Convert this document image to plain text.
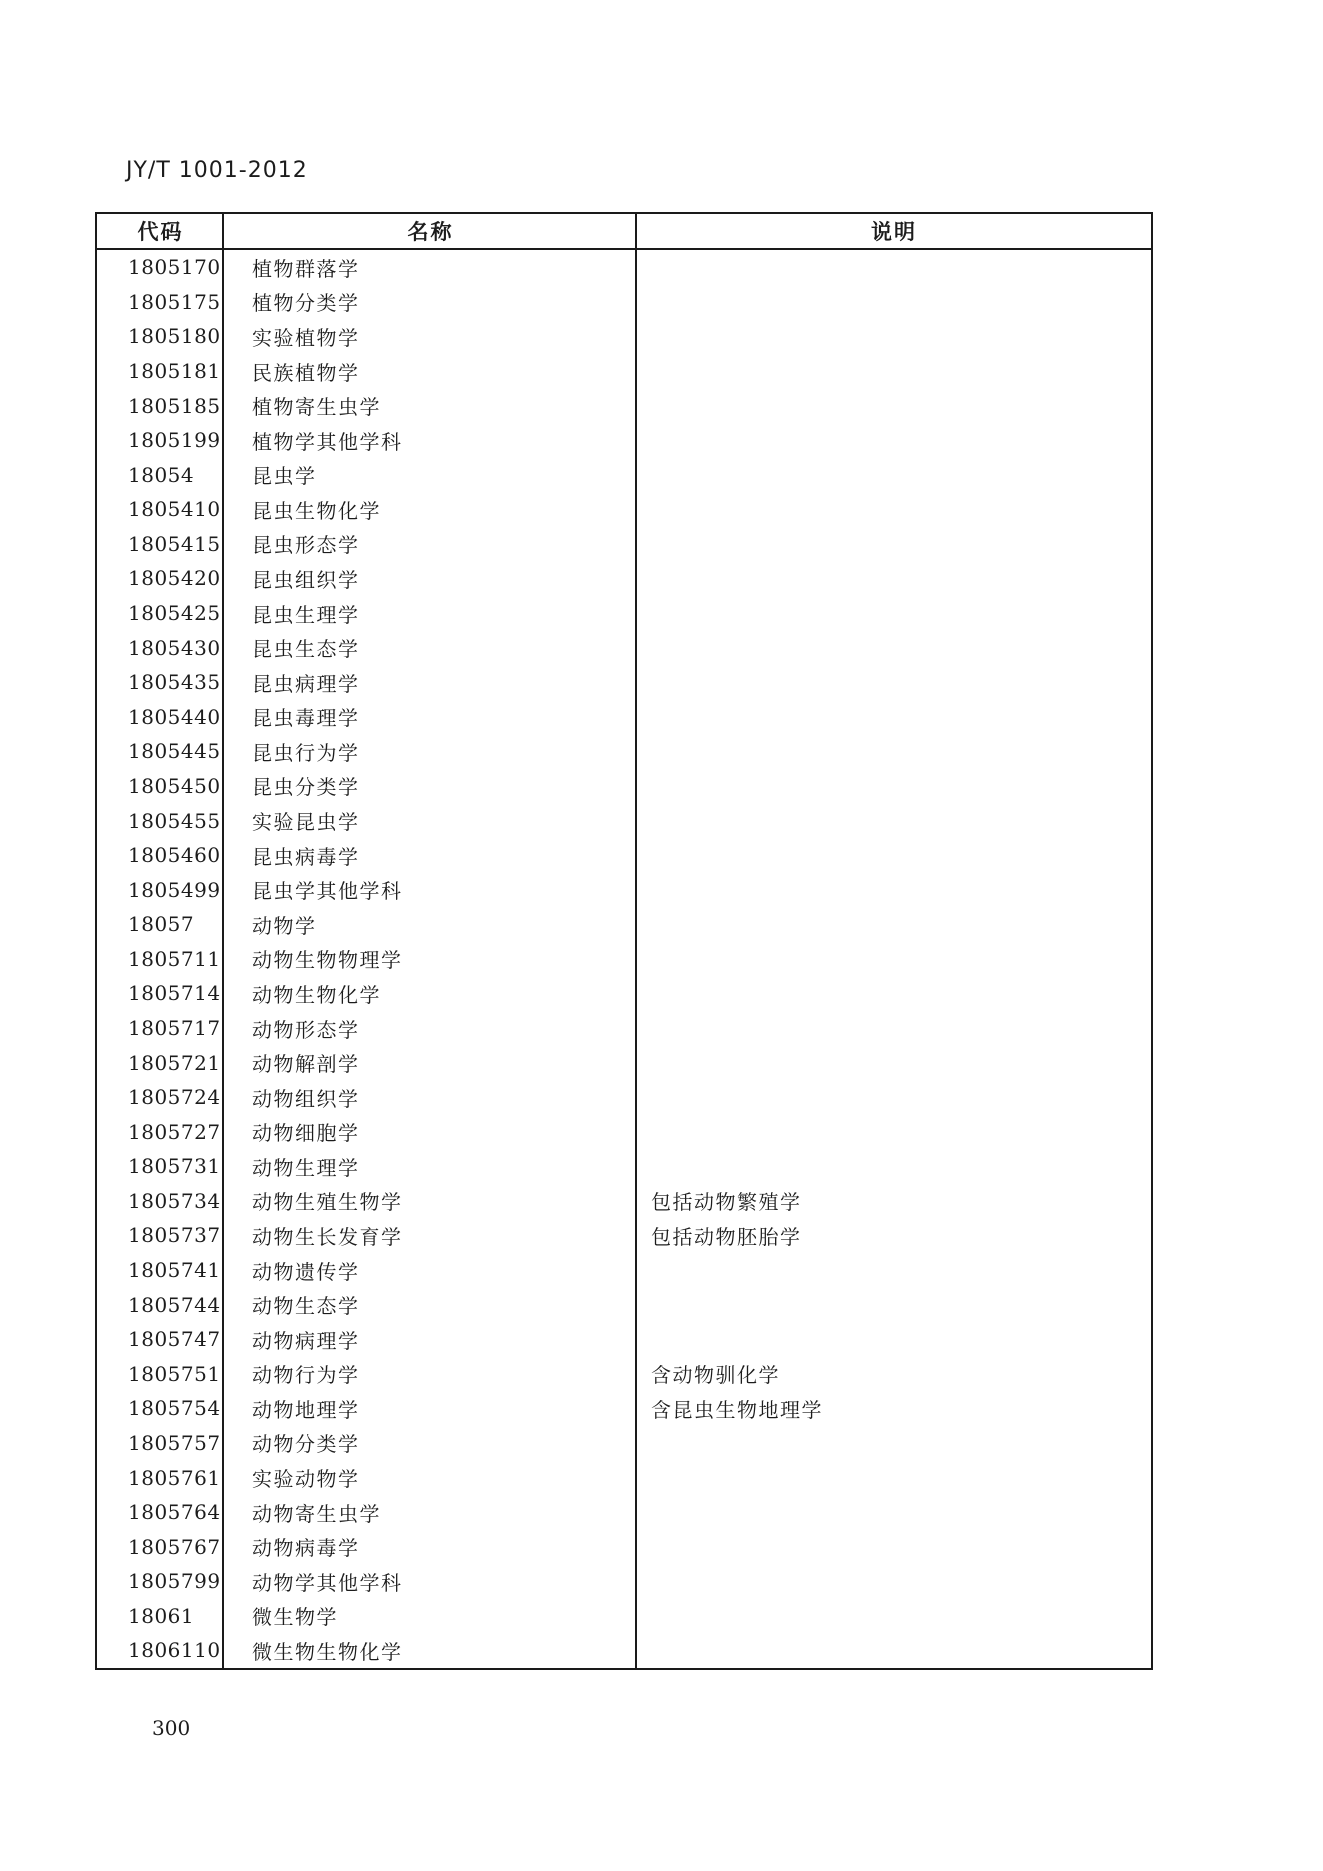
JY/T 1001-2012
代码	名称	说明
1805170	植物群落学
1805175	植物分类学
1805180	实验植物学
1805181	民族植物学
1805185	植物寄生虫学
1805199	植物学其他学科
18054	昆虫学
1805410	昆虫生物化学
1805415	昆虫形态学
1805420	昆虫组织学
1805425	昆虫生理学
1805430	昆虫生态学
1805435	昆虫病理学
1805440	昆虫毒理学
1805445	昆虫行为学
1805450	昆虫分类学
1805455	实验昆虫学
1805460	昆虫病毒学
1805499	昆虫学其他学科
18057	动物学
1805711	动物生物物理学
1805714	动物生物化学
1805717	动物形态学
1805721	动物解剖学
1805724	动物组织学
1805727	动物细胞学
1805731	动物生理学
1805734	动物生殖生物学	包括动物繁殖学
1805737	动物生长发育学	包括动物胚胎学
1805741	动物遗传学
1805744	动物生态学
1805747	动物病理学
1805751	动物行为学	含动物驯化学
1805754	动物地理学	含昆虫生物地理学
1805757	动物分类学
1805761	实验动物学
1805764	动物寄生虫学
1805767	动物病毒学
1805799	动物学其他学科
18061	微生物学
1806110	微生物生物化学
300
